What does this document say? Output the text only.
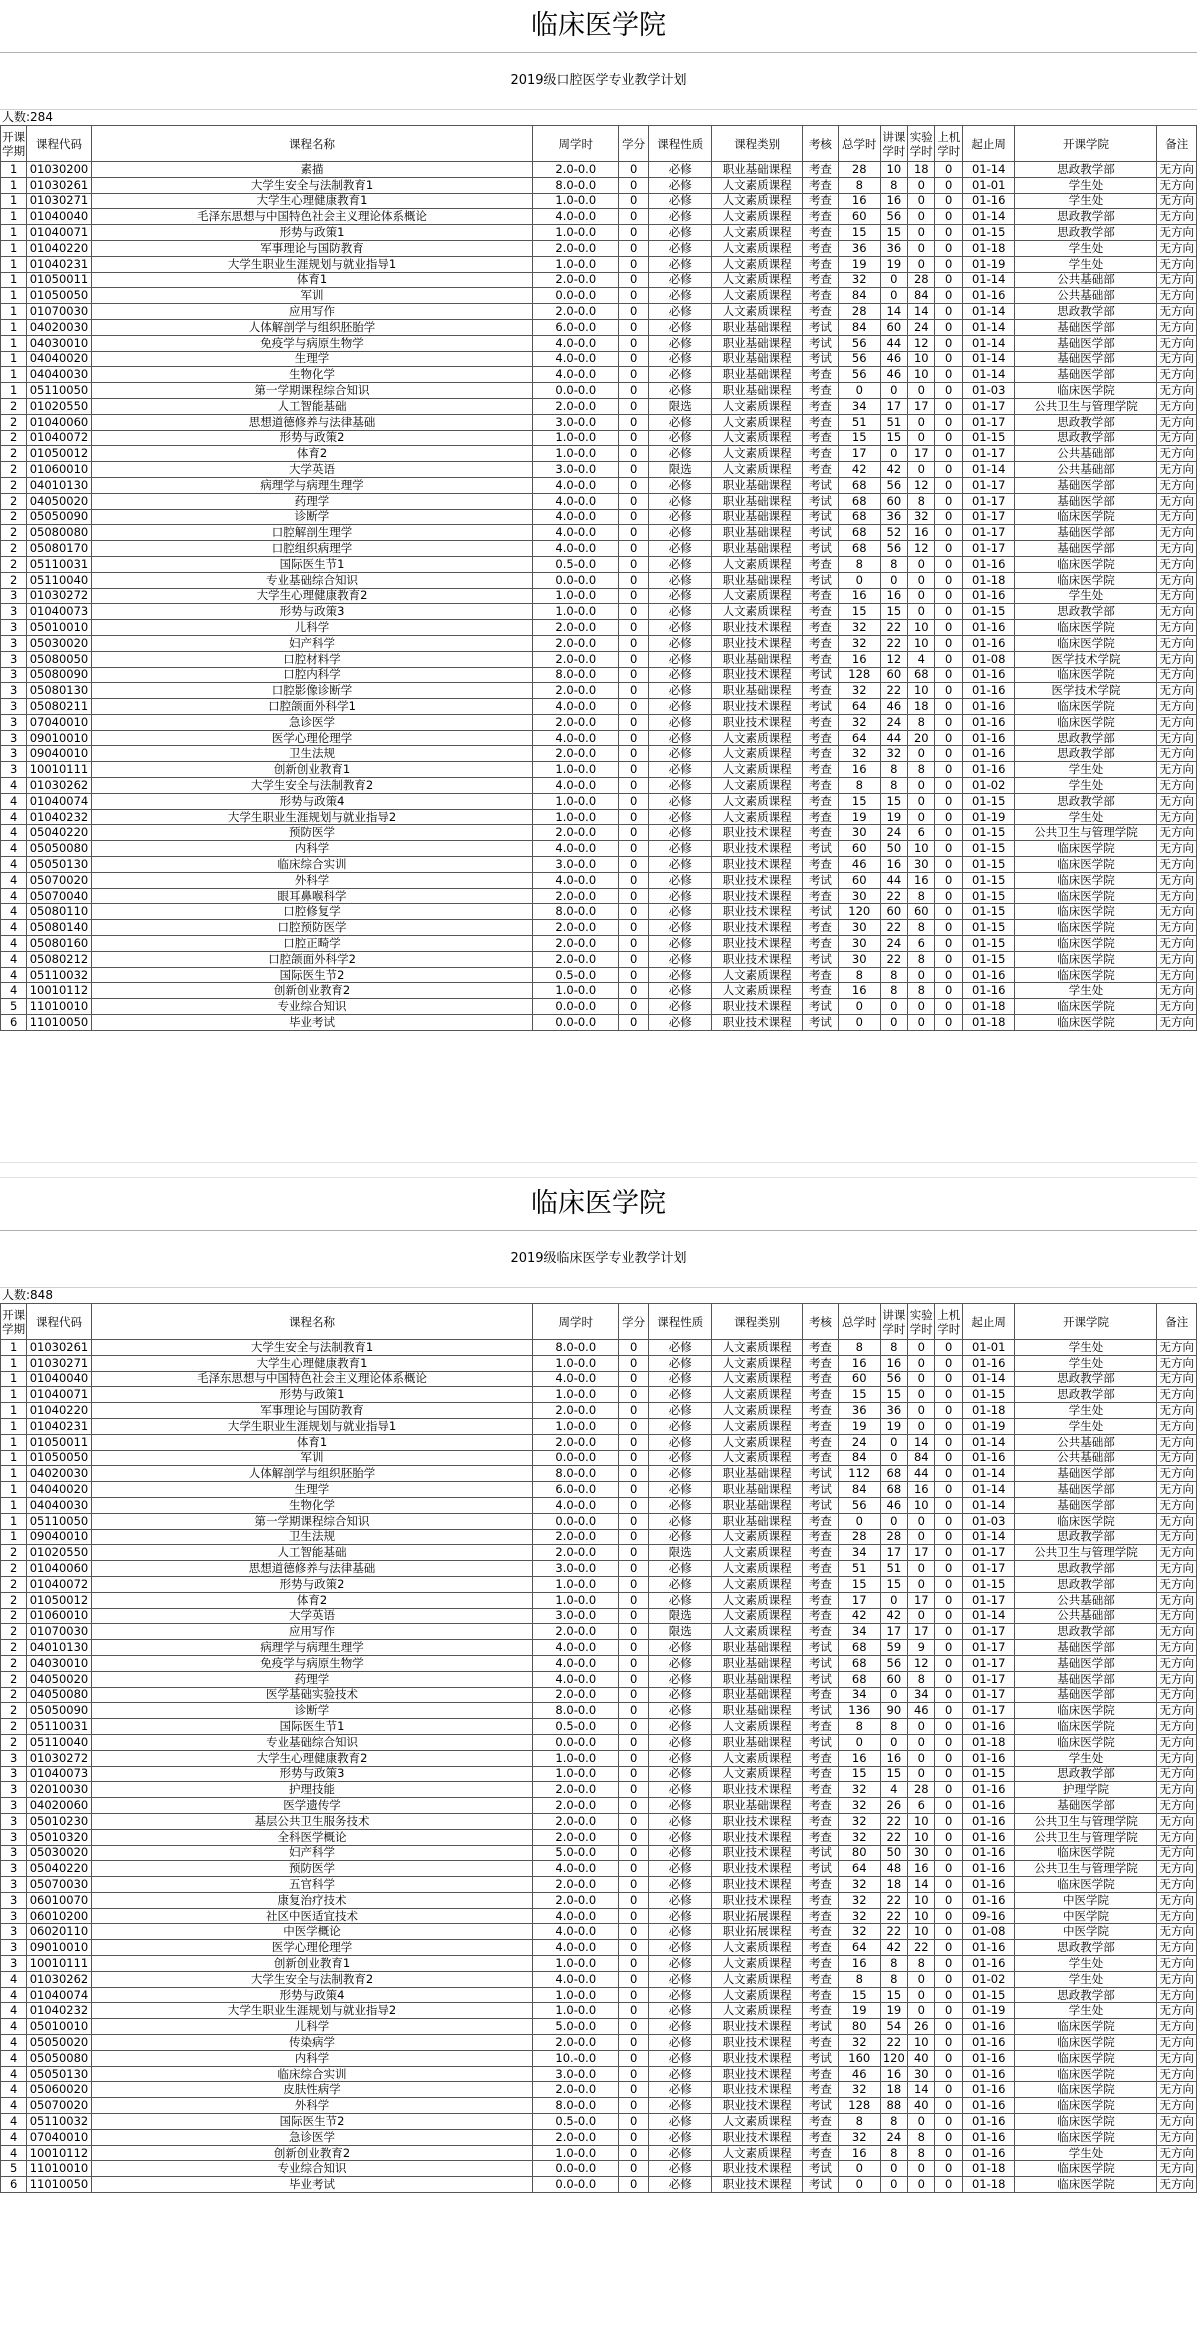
临床医学院
2019级口腔医学专业教学计划
人数:284
开课学期	课程代码	课程名称	周学时	学分	课程性质	课程类别	考核	总学时	讲课学时	实验学时	上机学时	起止周	开课学院	备注
1	01030200	素描	2.0-0.0	0	必修	职业基础课程	考查	28	10	18	0	01-14	思政教学部	无方向
1	01030261	大学生安全与法制教育1	8.0-0.0	0	必修	人文素质课程	考查	8	8	0	0	01-01	学生处	无方向
1	01030271	大学生心理健康教育1	1.0-0.0	0	必修	人文素质课程	考查	16	16	0	0	01-16	学生处	无方向
1	01040040	毛泽东思想与中国特色社会主义理论体系概论	4.0-0.0	0	必修	人文素质课程	考查	60	56	0	0	01-14	思政教学部	无方向
1	01040071	形势与政策1	1.0-0.0	0	必修	人文素质课程	考查	15	15	0	0	01-15	思政教学部	无方向
1	01040220	军事理论与国防教育	2.0-0.0	0	必修	人文素质课程	考查	36	36	0	0	01-18	学生处	无方向
1	01040231	大学生职业生涯规划与就业指导1	1.0-0.0	0	必修	人文素质课程	考查	19	19	0	0	01-19	学生处	无方向
1	01050011	体育1	2.0-0.0	0	必修	人文素质课程	考查	32	0	28	0	01-14	公共基础部	无方向
1	01050050	军训	0.0-0.0	0	必修	人文素质课程	考查	84	0	84	0	01-16	公共基础部	无方向
1	01070030	应用写作	2.0-0.0	0	必修	人文素质课程	考查	28	14	14	0	01-14	思政教学部	无方向
1	04020030	人体解剖学与组织胚胎学	6.0-0.0	0	必修	职业基础课程	考试	84	60	24	0	01-14	基础医学部	无方向
1	04030010	免疫学与病原生物学	4.0-0.0	0	必修	职业基础课程	考试	56	44	12	0	01-14	基础医学部	无方向
1	04040020	生理学	4.0-0.0	0	必修	职业基础课程	考试	56	46	10	0	01-14	基础医学部	无方向
1	04040030	生物化学	4.0-0.0	0	必修	职业基础课程	考查	56	46	10	0	01-14	基础医学部	无方向
1	05110050	第一学期课程综合知识	0.0-0.0	0	必修	职业基础课程	考查	0	0	0	0	01-03	临床医学院	无方向
2	01020550	人工智能基础	2.0-0.0	0	限选	人文素质课程	考查	34	17	17	0	01-17	公共卫生与管理学院	无方向
2	01040060	思想道德修养与法律基础	3.0-0.0	0	必修	人文素质课程	考查	51	51	0	0	01-17	思政教学部	无方向
2	01040072	形势与政策2	1.0-0.0	0	必修	人文素质课程	考查	15	15	0	0	01-15	思政教学部	无方向
2	01050012	体育2	1.0-0.0	0	必修	人文素质课程	考查	17	0	17	0	01-17	公共基础部	无方向
2	01060010	大学英语	3.0-0.0	0	限选	人文素质课程	考查	42	42	0	0	01-14	公共基础部	无方向
2	04010130	病理学与病理生理学	4.0-0.0	0	必修	职业基础课程	考试	68	56	12	0	01-17	基础医学部	无方向
2	04050020	药理学	4.0-0.0	0	必修	职业基础课程	考试	68	60	8	0	01-17	基础医学部	无方向
2	05050090	诊断学	4.0-0.0	0	必修	职业基础课程	考试	68	36	32	0	01-17	临床医学院	无方向
2	05080080	口腔解剖生理学	4.0-0.0	0	必修	职业基础课程	考试	68	52	16	0	01-17	基础医学部	无方向
2	05080170	口腔组织病理学	4.0-0.0	0	必修	职业基础课程	考试	68	56	12	0	01-17	基础医学部	无方向
2	05110031	国际医生节1	0.5-0.0	0	必修	人文素质课程	考查	8	8	0	0	01-16	临床医学院	无方向
2	05110040	专业基础综合知识	0.0-0.0	0	必修	职业基础课程	考试	0	0	0	0	01-18	临床医学院	无方向
3	01030272	大学生心理健康教育2	1.0-0.0	0	必修	人文素质课程	考查	16	16	0	0	01-16	学生处	无方向
3	01040073	形势与政策3	1.0-0.0	0	必修	人文素质课程	考查	15	15	0	0	01-15	思政教学部	无方向
3	05010010	儿科学	2.0-0.0	0	必修	职业技术课程	考查	32	22	10	0	01-16	临床医学院	无方向
3	05030020	妇产科学	2.0-0.0	0	必修	职业技术课程	考查	32	22	10	0	01-16	临床医学院	无方向
3	05080050	口腔材料学	2.0-0.0	0	必修	职业基础课程	考查	16	12	4	0	01-08	医学技术学院	无方向
3	05080090	口腔内科学	8.0-0.0	0	必修	职业技术课程	考试	128	60	68	0	01-16	临床医学院	无方向
3	05080130	口腔影像诊断学	2.0-0.0	0	必修	职业基础课程	考查	32	22	10	0	01-16	医学技术学院	无方向
3	05080211	口腔颌面外科学1	4.0-0.0	0	必修	职业技术课程	考试	64	46	18	0	01-16	临床医学院	无方向
3	07040010	急诊医学	2.0-0.0	0	必修	职业技术课程	考查	32	24	8	0	01-16	临床医学院	无方向
3	09010010	医学心理伦理学	4.0-0.0	0	必修	人文素质课程	考查	64	44	20	0	01-16	思政教学部	无方向
3	09040010	卫生法规	2.0-0.0	0	必修	人文素质课程	考查	32	32	0	0	01-16	思政教学部	无方向
3	10010111	创新创业教育1	1.0-0.0	0	必修	人文素质课程	考查	16	8	8	0	01-16	学生处	无方向
4	01030262	大学生安全与法制教育2	4.0-0.0	0	必修	人文素质课程	考查	8	8	0	0	01-02	学生处	无方向
4	01040074	形势与政策4	1.0-0.0	0	必修	人文素质课程	考查	15	15	0	0	01-15	思政教学部	无方向
4	01040232	大学生职业生涯规划与就业指导2	1.0-0.0	0	必修	人文素质课程	考查	19	19	0	0	01-19	学生处	无方向
4	05040220	预防医学	2.0-0.0	0	必修	职业技术课程	考查	30	24	6	0	01-15	公共卫生与管理学院	无方向
4	05050080	内科学	4.0-0.0	0	必修	职业技术课程	考试	60	50	10	0	01-15	临床医学院	无方向
4	05050130	临床综合实训	3.0-0.0	0	必修	职业技术课程	考查	46	16	30	0	01-15	临床医学院	无方向
4	05070020	外科学	4.0-0.0	0	必修	职业技术课程	考试	60	44	16	0	01-15	临床医学院	无方向
4	05070040	眼耳鼻喉科学	2.0-0.0	0	必修	职业技术课程	考查	30	22	8	0	01-15	临床医学院	无方向
4	05080110	口腔修复学	8.0-0.0	0	必修	职业技术课程	考试	120	60	60	0	01-15	临床医学院	无方向
4	05080140	口腔预防医学	2.0-0.0	0	必修	职业技术课程	考查	30	22	8	0	01-15	临床医学院	无方向
4	05080160	口腔正畸学	2.0-0.0	0	必修	职业技术课程	考查	30	24	6	0	01-15	临床医学院	无方向
4	05080212	口腔颌面外科学2	2.0-0.0	0	必修	职业技术课程	考试	30	22	8	0	01-15	临床医学院	无方向
4	05110032	国际医生节2	0.5-0.0	0	必修	人文素质课程	考查	8	8	0	0	01-16	临床医学院	无方向
4	10010112	创新创业教育2	1.0-0.0	0	必修	人文素质课程	考查	16	8	8	0	01-16	学生处	无方向
5	11010010	专业综合知识	0.0-0.0	0	必修	职业技术课程	考试	0	0	0	0	01-18	临床医学院	无方向
6	11010050	毕业考试	0.0-0.0	0	必修	职业技术课程	考试	0	0	0	0	01-18	临床医学院	无方向
临床医学院
2019级临床医学专业教学计划
人数:848
开课学期	课程代码	课程名称	周学时	学分	课程性质	课程类别	考核	总学时	讲课学时	实验学时	上机学时	起止周	开课学院	备注
1	01030261	大学生安全与法制教育1	8.0-0.0	0	必修	人文素质课程	考查	8	8	0	0	01-01	学生处	无方向
1	01030271	大学生心理健康教育1	1.0-0.0	0	必修	人文素质课程	考查	16	16	0	0	01-16	学生处	无方向
1	01040040	毛泽东思想与中国特色社会主义理论体系概论	4.0-0.0	0	必修	人文素质课程	考查	60	56	0	0	01-14	思政教学部	无方向
1	01040071	形势与政策1	1.0-0.0	0	必修	人文素质课程	考查	15	15	0	0	01-15	思政教学部	无方向
1	01040220	军事理论与国防教育	2.0-0.0	0	必修	人文素质课程	考查	36	36	0	0	01-18	学生处	无方向
1	01040231	大学生职业生涯规划与就业指导1	1.0-0.0	0	必修	人文素质课程	考查	19	19	0	0	01-19	学生处	无方向
1	01050011	体育1	2.0-0.0	0	必修	人文素质课程	考查	24	0	14	0	01-14	公共基础部	无方向
1	01050050	军训	0.0-0.0	0	必修	人文素质课程	考查	84	0	84	0	01-16	公共基础部	无方向
1	04020030	人体解剖学与组织胚胎学	8.0-0.0	0	必修	职业基础课程	考试	112	68	44	0	01-14	基础医学部	无方向
1	04040020	生理学	6.0-0.0	0	必修	职业基础课程	考试	84	68	16	0	01-14	基础医学部	无方向
1	04040030	生物化学	4.0-0.0	0	必修	职业基础课程	考试	56	46	10	0	01-14	基础医学部	无方向
1	05110050	第一学期课程综合知识	0.0-0.0	0	必修	职业基础课程	考查	0	0	0	0	01-03	临床医学院	无方向
1	09040010	卫生法规	2.0-0.0	0	必修	人文素质课程	考查	28	28	0	0	01-14	思政教学部	无方向
2	01020550	人工智能基础	2.0-0.0	0	限选	人文素质课程	考查	34	17	17	0	01-17	公共卫生与管理学院	无方向
2	01040060	思想道德修养与法律基础	3.0-0.0	0	必修	人文素质课程	考查	51	51	0	0	01-17	思政教学部	无方向
2	01040072	形势与政策2	1.0-0.0	0	必修	人文素质课程	考查	15	15	0	0	01-15	思政教学部	无方向
2	01050012	体育2	1.0-0.0	0	必修	人文素质课程	考查	17	0	17	0	01-17	公共基础部	无方向
2	01060010	大学英语	3.0-0.0	0	限选	人文素质课程	考查	42	42	0	0	01-14	公共基础部	无方向
2	01070030	应用写作	2.0-0.0	0	限选	人文素质课程	考查	34	17	17	0	01-17	思政教学部	无方向
2	04010130	病理学与病理生理学	4.0-0.0	0	必修	职业基础课程	考试	68	59	9	0	01-17	基础医学部	无方向
2	04030010	免疫学与病原生物学	4.0-0.0	0	必修	职业基础课程	考试	68	56	12	0	01-17	基础医学部	无方向
2	04050020	药理学	4.0-0.0	0	必修	职业基础课程	考试	68	60	8	0	01-17	基础医学部	无方向
2	04050080	医学基础实验技术	2.0-0.0	0	必修	职业基础课程	考查	34	0	34	0	01-17	基础医学部	无方向
2	05050090	诊断学	8.0-0.0	0	必修	职业基础课程	考试	136	90	46	0	01-17	临床医学院	无方向
2	05110031	国际医生节1	0.5-0.0	0	必修	人文素质课程	考查	8	8	0	0	01-16	临床医学院	无方向
2	05110040	专业基础综合知识	0.0-0.0	0	必修	职业基础课程	考试	0	0	0	0	01-18	临床医学院	无方向
3	01030272	大学生心理健康教育2	1.0-0.0	0	必修	人文素质课程	考查	16	16	0	0	01-16	学生处	无方向
3	01040073	形势与政策3	1.0-0.0	0	必修	人文素质课程	考查	15	15	0	0	01-15	思政教学部	无方向
3	02010030	护理技能	2.0-0.0	0	必修	职业技术课程	考查	32	4	28	0	01-16	护理学院	无方向
3	04020060	医学遗传学	2.0-0.0	0	必修	职业基础课程	考查	32	26	6	0	01-16	基础医学部	无方向
3	05010230	基层公共卫生服务技术	2.0-0.0	0	必修	职业技术课程	考查	32	22	10	0	01-16	公共卫生与管理学院	无方向
3	05010320	全科医学概论	2.0-0.0	0	必修	职业技术课程	考查	32	22	10	0	01-16	公共卫生与管理学院	无方向
3	05030020	妇产科学	5.0-0.0	0	必修	职业技术课程	考试	80	50	30	0	01-16	临床医学院	无方向
3	05040220	预防医学	4.0-0.0	0	必修	职业技术课程	考试	64	48	16	0	01-16	公共卫生与管理学院	无方向
3	05070030	五官科学	2.0-0.0	0	必修	职业技术课程	考查	32	18	14	0	01-16	临床医学院	无方向
3	06010070	康复治疗技术	2.0-0.0	0	必修	职业技术课程	考查	32	22	10	0	01-16	中医学院	无方向
3	06010200	社区中医适宜技术	4.0-0.0	0	必修	职业拓展课程	考查	32	22	10	0	09-16	中医学院	无方向
3	06020110	中医学概论	4.0-0.0	0	必修	职业拓展课程	考查	32	22	10	0	01-08	中医学院	无方向
3	09010010	医学心理伦理学	4.0-0.0	0	必修	人文素质课程	考查	64	42	22	0	01-16	思政教学部	无方向
3	10010111	创新创业教育1	1.0-0.0	0	必修	人文素质课程	考查	16	8	8	0	01-16	学生处	无方向
4	01030262	大学生安全与法制教育2	4.0-0.0	0	必修	人文素质课程	考查	8	8	0	0	01-02	学生处	无方向
4	01040074	形势与政策4	1.0-0.0	0	必修	人文素质课程	考查	15	15	0	0	01-15	思政教学部	无方向
4	01040232	大学生职业生涯规划与就业指导2	1.0-0.0	0	必修	人文素质课程	考查	19	19	0	0	01-19	学生处	无方向
4	05010010	儿科学	5.0-0.0	0	必修	职业技术课程	考试	80	54	26	0	01-16	临床医学院	无方向
4	05050020	传染病学	2.0-0.0	0	必修	职业技术课程	考查	32	22	10	0	01-16	临床医学院	无方向
4	05050080	内科学	10.-0.0	0	必修	职业技术课程	考试	160	120	40	0	01-16	临床医学院	无方向
4	05050130	临床综合实训	3.0-0.0	0	必修	职业技术课程	考查	46	16	30	0	01-16	临床医学院	无方向
4	05060020	皮肤性病学	2.0-0.0	0	必修	职业技术课程	考查	32	18	14	0	01-16	临床医学院	无方向
4	05070020	外科学	8.0-0.0	0	必修	职业技术课程	考试	128	88	40	0	01-16	临床医学院	无方向
4	05110032	国际医生节2	0.5-0.0	0	必修	人文素质课程	考查	8	8	0	0	01-16	临床医学院	无方向
4	07040010	急诊医学	2.0-0.0	0	必修	职业技术课程	考查	32	24	8	0	01-16	临床医学院	无方向
4	10010112	创新创业教育2	1.0-0.0	0	必修	人文素质课程	考查	16	8	8	0	01-16	学生处	无方向
5	11010010	专业综合知识	0.0-0.0	0	必修	职业技术课程	考试	0	0	0	0	01-18	临床医学院	无方向
6	11010050	毕业考试	0.0-0.0	0	必修	职业技术课程	考试	0	0	0	0	01-18	临床医学院	无方向
